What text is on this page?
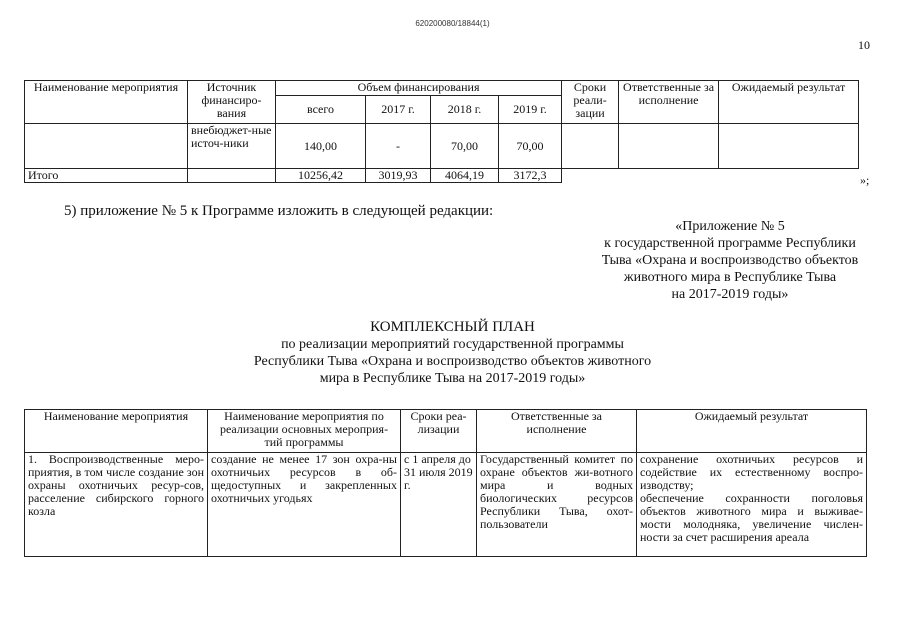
620200080/18844(1)
10
Наименование мероприятия	Источник финансиро-вания	Объем финансирования				Сроки реали-зации	Ответственные за исполнение	Ожидаемый результат
		всего	2017 г.	2018 г.	2019 г.			
	внебюджет-ные источ-ники	140,00	-	70,00	70,00			
Итого		10256,42	3019,93	4064,19	3172,3				»;
5) приложение № 5 к Программе изложить в следующей редакции:
«Приложение № 5
к государственной программе Республики
Тыва «Охрана и воспроизводство объектов
животного мира в Республике Тыва
на 2017-2019 годы»
КОМПЛЕКСНЫЙ ПЛАН
по реализации мероприятий государственной программы
Республики Тыва «Охрана и воспроизводство объектов животного
мира в Республике Тыва на 2017-2019 годы»
Наименование мероприятия	Наименование мероприятия по реализации основных мероприя-тий программы	Сроки реа-лизации	Ответственные за исполнение	Ожидаемый результат
1. Воспроизводственные меро-приятия, в том числе создание зон охраны охотничьих ресур-сов, расселение сибирского горного козла	создание не менее 17 зон охра-ны охотничьих ресурсов в об-щедоступных и закрепленных охотничьих угодьях	с 1 апреля до 31 июля 2019 г.	Государственный комитет по охране объектов жи-вотного мира и водных биологических ресурсов Республики Тыва, охот-пользователи	сохранение охотничьих ресурсов и содействие их естественному воспро-изводству;
обеспечение сохранности поголовья объектов животного мира и выживае-мости молодняка, увеличение числен-ности за счет расширения ареала
